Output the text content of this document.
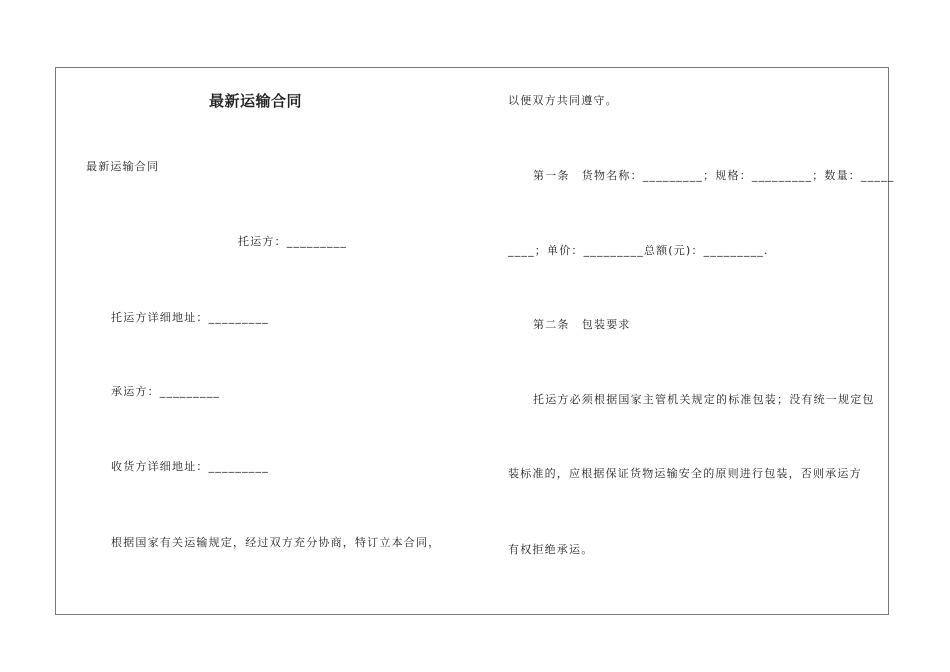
最新运输合同
最新运输合同
托运方：_________
托运方详细地址：_________
承运方：_________
收货方详细地址：_________
根据国家有关运输规定，经过双方充分协商，特订立本合同，
以便双方共同遵守。
第一条　货物名称：_________；规格：_________；数量：_____
____；单价：_________总额(元)：_________.
第二条　包装要求
托运方必须根据国家主管机关规定的标准包装；没有统一规定包
装标准的，应根据保证货物运输安全的原则进行包装，否则承运方
有权拒绝承运。
